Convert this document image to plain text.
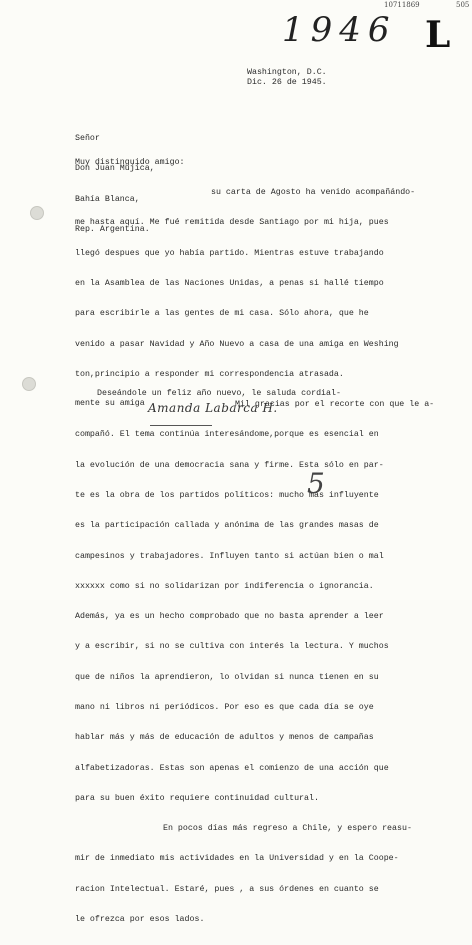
10711869	505
1946 L
Washington, D.C.
Dic. 26 de 1945.

Señor

Don Juan Mujica,

Bahía Blanca,

Rep. Argentina.

Muy distinguido amigo:

su carta de Agosto ha venido acompañándo-

me hasta aquí. Me fué remitida desde Santiago por mi hija, pues

llegó despues que yo había partido. Mientras estuve trabajando

en la Asamblea de las Naciones Unidas, a penas si hallé tiempo

para escribirle a las gentes de mi casa. Sólo ahora, que he

venido a pasar Navidad y Año Nuevo a casa de una amiga en Weshing

ton,principio a responder mi correspondencia atrasada.

Mil gracias por el recorte con que le a-

compañó. El tema continúa interesándome,porque es esencial en

la evolución de una democracia sana y firme. Esta sólo en par-

te es la obra de los partidos políticos: mucho más influyente

es la participación callada y anónima de las grandes masas de

campesinos y trabajadores. Influyen tanto si actúan bien o mal

xxxxxx como si no solidarizan por indiferencia o ignorancia.

Además, ya es un hecho comprobado que no basta aprender a leer

y a escribir, si no se cultiva con interés la lectura. Y muchos

que de niños la aprendieron, lo olvidan si nunca tienen en su

mano ni libros ni periódicos. Por eso es que cada día se oye

hablar más y más de educación de adultos y menos de campañas

alfabetizadoras. Estas son apenas el comienzo de una acción que

para su buen éxito requiere continuidad cultural.

En pocos días más regreso a Chile, y espero reasu-

mir de inmediato mis actividades en la Universidad y en la Coope-

racion Intelectual. Estaré, pues , a sus órdenes en cuanto se

le ofrezca por esos lados.

Deseándole un feliz año nuevo, le saluda cordial-
mente su amiga Amanda Labarca H.
5
